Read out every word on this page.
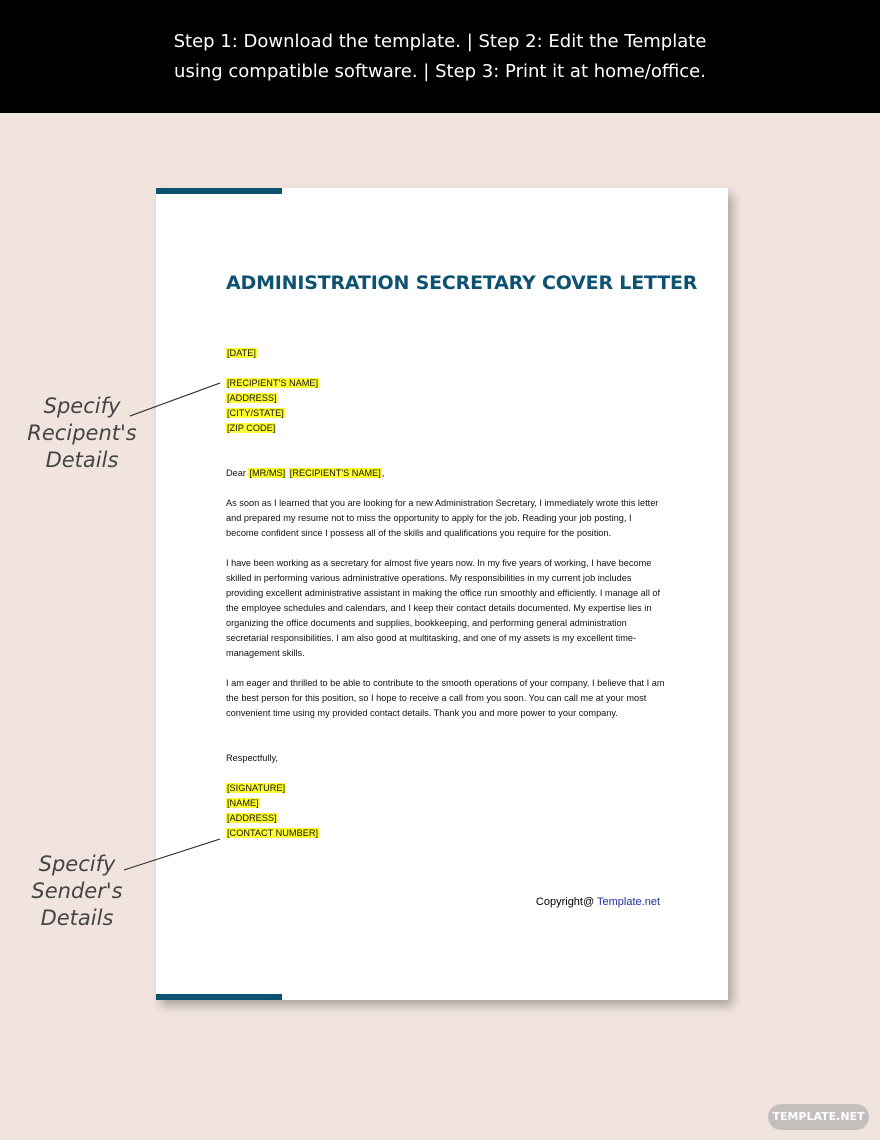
Step 1: Download the template. | Step 2: Edit the Template
using compatible software. | Step 3: Print it at home/office.
ADMINISTRATION SECRETARY COVER LETTER
[DATE]
[RECIPIENT'S NAME]
[ADDRESS]
[CITY/STATE]
[ZIP CODE]
Dear [MR/MS] [RECIPIENT'S NAME],

As soon as I learned that you are looking for a new Administration Secretary, I immediately wrote this letter and prepared my resume not to miss the opportunity to apply for the job. Reading your job posting, I become confident since I possess all of the skills and qualifications you require for the position.

I have been working as a secretary for almost five years now. In my five years of working, I have become skilled in performing various administrative operations. My responsibilities in my current job includes providing excellent administrative assistant in making the office run smoothly and efficiently. I manage all of the employee schedules and calendars, and I keep their contact details documented. My expertise lies in organizing the office documents and supplies, bookkeeping, and performing general administration secretarial responsibilities. I am also good at multitasking, and one of my assets is my excellent time-management skills.

I am eager and thrilled to be able to contribute to the smooth operations of your company. I believe that I am the best person for this position, so I hope to receive a call from you soon. You can call me at your most convenient time using my provided contact details. Thank you and more power to your company.

Respectfully,
[SIGNATURE]
[NAME]
[ADDRESS]
[CONTACT NUMBER]
Copyright@ Template.net
Specify
Recipent's
Details
Specify
Sender's
Details
TEMPLATE.NET
